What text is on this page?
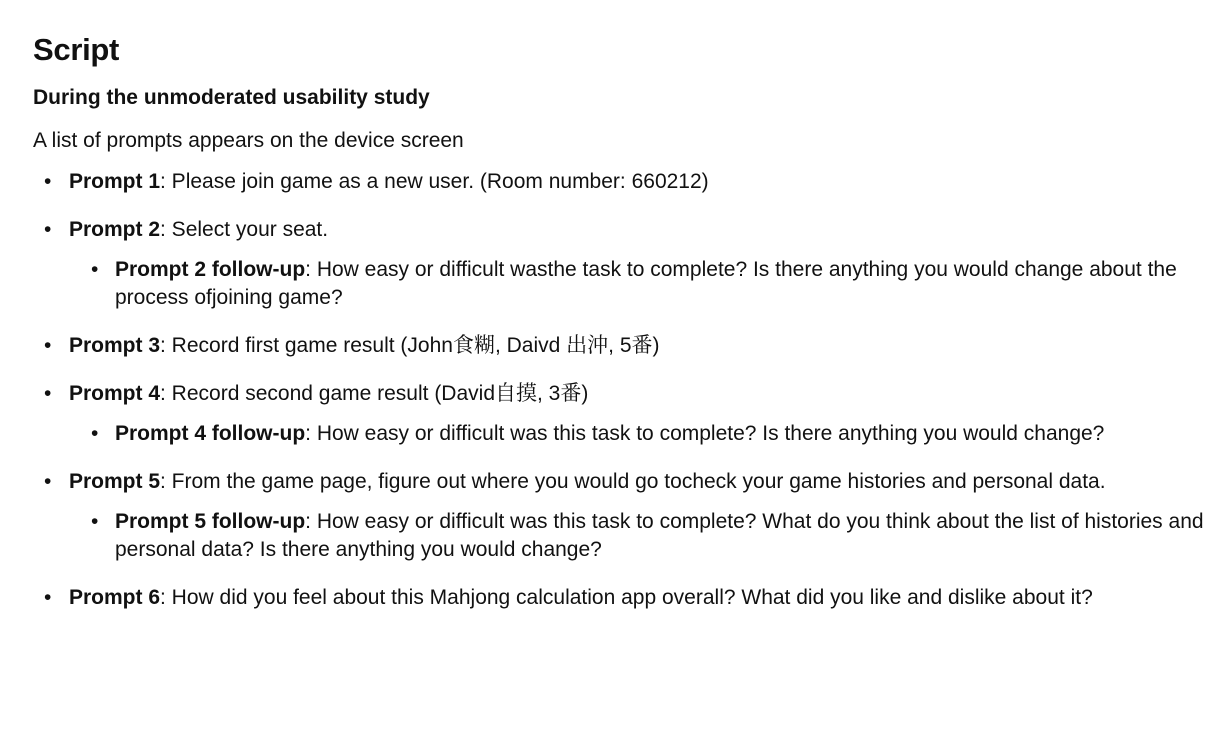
Script

During the unmoderated usability study

A list of prompts appears on the device screen

• Prompt 1: Please join game as a new user. (Room number: 660212)
• Prompt 2: Select your seat.
• Prompt 2 follow-up: How easy or difficult wasthe task to complete? Is there anything you would change about the process ofjoining game?
• Prompt 3: Record first game result (John食糊, Daivd 出沖, 5番)
• Prompt 4: Record second game result (David自摸, 3番)
• Prompt 4 follow-up: How easy or difficult was this task to complete? Is there anything you would change?
• Prompt 5: From the game page, figure out where you would go tocheck your game histories and personal data.
• Prompt 5 follow-up: How easy or difficult was this task to complete? What do you think about the list of histories and personal data? Is there anything you would change?
• Prompt 6: How did you feel about this Mahjong calculation app overall? What did you like and dislike about it?
